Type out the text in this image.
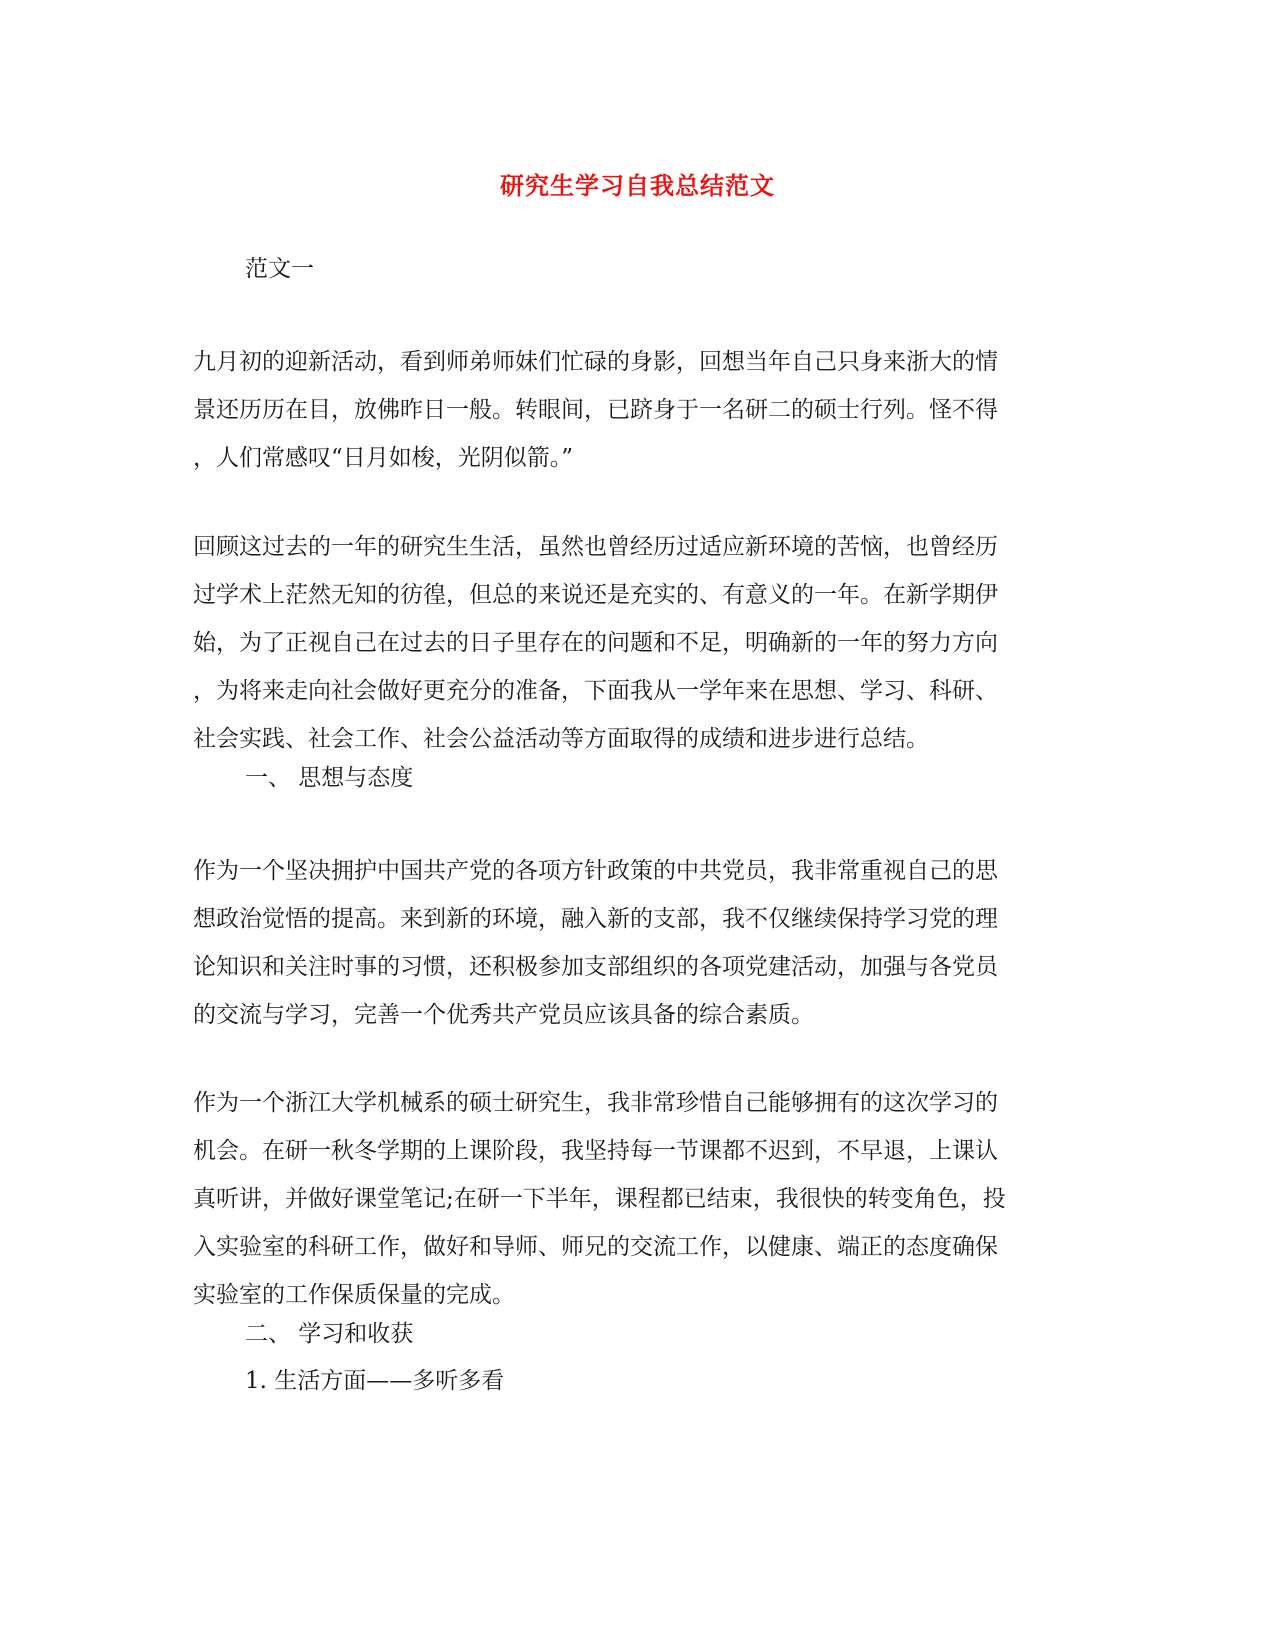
研究生学习自我总结范文
范文一
九月初的迎新活动，看到师弟师妹们忙碌的身影，回想当年自己只身来浙大的情
景还历历在目，放佛昨日一般。转眼间，已跻身于一名研二的硕士行列。怪不得
，人们常感叹“日月如梭，光阴似箭。”
回顾这过去的一年的研究生生活，虽然也曾经历过适应新环境的苦恼，也曾经历
过学术上茫然无知的彷徨，但总的来说还是充实的、有意义的一年。在新学期伊
始，为了正视自己在过去的日子里存在的问题和不足，明确新的一年的努力方向
，为将来走向社会做好更充分的准备，下面我从一学年来在思想、学习、科研、
社会实践、社会工作、社会公益活动等方面取得的成绩和进步进行总结。
一、 思想与态度
作为一个坚决拥护中国共产党的各项方针政策的中共党员，我非常重视自己的思
想政治觉悟的提高。来到新的环境，融入新的支部，我不仅继续保持学习党的理
论知识和关注时事的习惯，还积极参加支部组织的各项党建活动，加强与各党员
的交流与学习，完善一个优秀共产党员应该具备的综合素质。
作为一个浙江大学机械系的硕士研究生，我非常珍惜自己能够拥有的这次学习的
机会。在研一秋冬学期的上课阶段，我坚持每一节课都不迟到，不早退，上课认
真听讲，并做好课堂笔记;在研一下半年，课程都已结束，我很快的转变角色，投
入实验室的科研工作，做好和导师、师兄的交流工作，以健康、端正的态度确保
实验室的工作保质保量的完成。
二、 学习和收获
1. 生活方面——多听多看
